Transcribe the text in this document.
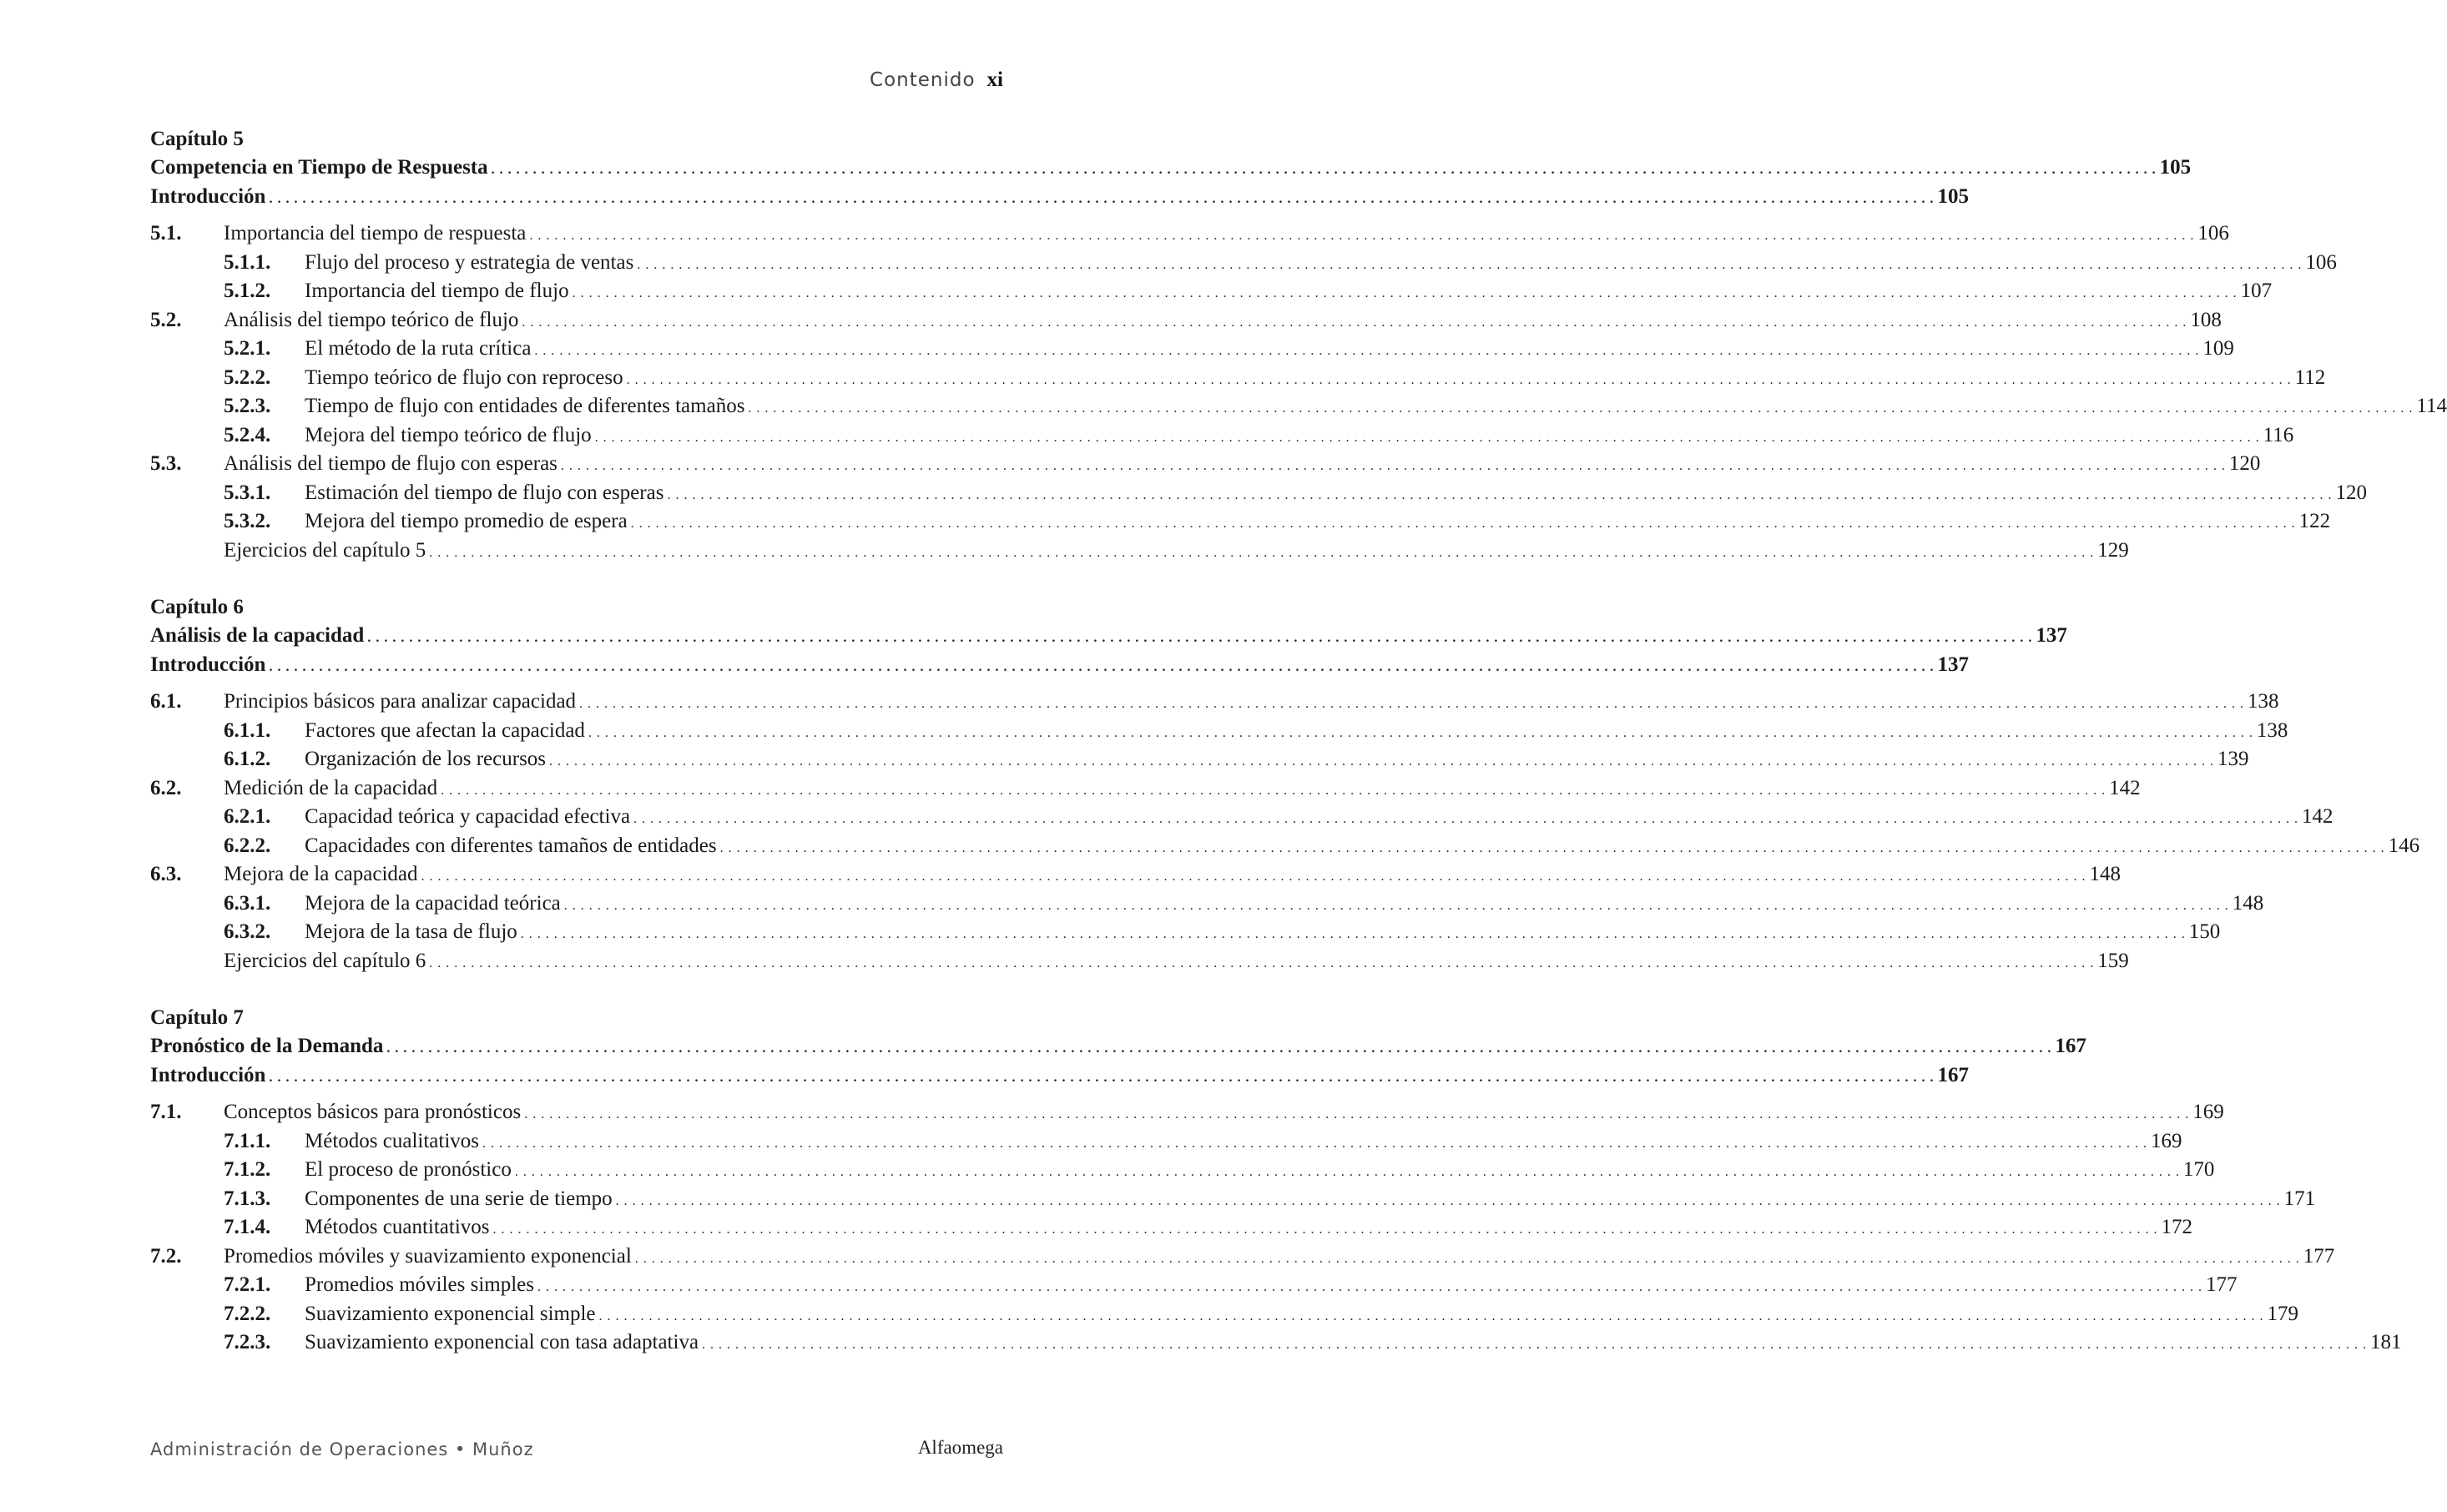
Contenido xi
Capítulo 5
Competencia en Tiempo de Respuesta . . . . . . . . . . . . . . . . . . . . . . . . . . . . . . . . . . . . . . . . . . . . . . . . . . . . . . . . . . . . . . . . . . . . . . . . . . . . . . . . . . . . . . . . . . . . . . . . . . . . . . . . . . . . . . . . . . . . . . . . . . . . . . . . . . . . . . . . . . . . . . . . . . . . . . . . . . . . . . . . . . . . . . . . . . . . . . . . . . . . . . . . . . . . . . . . . . . . . . . . 105
Introducción . . . . . . . . . . . . . . . . . . . . . . . . . . . . . . . . . . . . . . . . . . . . . . . . . . . . . . . . . . . . . . . . . . . . . . . . . . . . . . . . . . . . . . . . . . . . . . . . . . . . . . . . . . . . . . . . . . . . . . . . . . . . . . . . . . . . . . . . . . . . . . . . . . . . . . . . . . . . . . . . . . . . . . . . . . . . . . . . . . . . . . . . . . . . . . . . . . . . . . . . 105
5.1.	Importancia del tiempo de respuesta . . . . . . . . . . . . . . . . . . . . . . . . . . . . . . . . . . . . . . . . . . . . . . . . . . . . . . . . . . . . . . . . . . . . . . . . . . . . . . . . . . . . . . . . . . . . . . . . . . . . . . . . . . . . . . . . . . . . . . . . . . . . . . . . . . . . . . . . . . . . . . . . . . . . . . . . . . . . . . . . . . . . . . . . . . . . . . . . . . . . . . . . . . . . . . . . . . . . . . . . 106
5.1.1.	Flujo del proceso y estrategia de ventas . . . . . . . . . . . . . . . . . . . . . . . . . . . . . . . . . . . . . . . . . . . . . . . . . . . . . . . . . . . . . . . . . . . . . . . . . . . . . . . . . . . . . . . . . . . . . . . . . . . . . . . . . . . . . . . . . . . . . . . . . . . . . . . . . . . . . . . . . . . . . . . . . . . . . . . . . . . . . . . . . . . . . . . . . . . . . . . . . . . . . . . . . . . . . . . . . . . . . . . . 106
5.1.2.	Importancia del tiempo de flujo . . . . . . . . . . . . . . . . . . . . . . . . . . . . . . . . . . . . . . . . . . . . . . . . . . . . . . . . . . . . . . . . . . . . . . . . . . . . . . . . . . . . . . . . . . . . . . . . . . . . . . . . . . . . . . . . . . . . . . . . . . . . . . . . . . . . . . . . . . . . . . . . . . . . . . . . . . . . . . . . . . . . . . . . . . . . . . . . . . . . . . . . . . . . . . . . . . . . . . . . 107
5.2.	Análisis del tiempo teórico de flujo . . . . . . . . . . . . . . . . . . . . . . . . . . . . . . . . . . . . . . . . . . . . . . . . . . . . . . . . . . . . . . . . . . . . . . . . . . . . . . . . . . . . . . . . . . . . . . . . . . . . . . . . . . . . . . . . . . . . . . . . . . . . . . . . . . . . . . . . . . . . . . . . . . . . . . . . . . . . . . . . . . . . . . . . . . . . . . . . . . . . . . . . . . . . . . . . . . . . . . . . 108
5.2.1.	El método de la ruta crítica . . . . . . . . . . . . . . . . . . . . . . . . . . . . . . . . . . . . . . . . . . . . . . . . . . . . . . . . . . . . . . . . . . . . . . . . . . . . . . . . . . . . . . . . . . . . . . . . . . . . . . . . . . . . . . . . . . . . . . . . . . . . . . . . . . . . . . . . . . . . . . . . . . . . . . . . . . . . . . . . . . . . . . . . . . . . . . . . . . . . . . . . . . . . . . . . . . . . . . . . 109
5.2.2.	Tiempo teórico de flujo con reproceso . . . . . . . . . . . . . . . . . . . . . . . . . . . . . . . . . . . . . . . . . . . . . . . . . . . . . . . . . . . . . . . . . . . . . . . . . . . . . . . . . . . . . . . . . . . . . . . . . . . . . . . . . . . . . . . . . . . . . . . . . . . . . . . . . . . . . . . . . . . . . . . . . . . . . . . . . . . . . . . . . . . . . . . . . . . . . . . . . . . . . . . . . . . . . . . . . . . . . . . . 112
5.2.3.	Tiempo de flujo con entidades de diferentes tamaños . . . . . . . . . . . . . . . . . . . . . . . . . . . . . . . . . . . . . . . . . . . . . . . . . . . . . . . . . . . . . . . . . . . . . . . . . . . . . . . . . . . . . . . . . . . . . . . . . . . . . . . . . . . . . . . . . . . . . . . . . . . . . . . . . . . . . . . . . . . . . . . . . . . . . . . . . . . . . . . . . . . . . . . . . . . . . . . . . . . . . . . . . . . . . . . . . . . . . . . . 114
5.2.4.	Mejora del tiempo teórico de flujo . . . . . . . . . . . . . . . . . . . . . . . . . . . . . . . . . . . . . . . . . . . . . . . . . . . . . . . . . . . . . . . . . . . . . . . . . . . . . . . . . . . . . . . . . . . . . . . . . . . . . . . . . . . . . . . . . . . . . . . . . . . . . . . . . . . . . . . . . . . . . . . . . . . . . . . . . . . . . . . . . . . . . . . . . . . . . . . . . . . . . . . . . . . . . . . . . . . . . . . . 116
5.3.	Análisis del tiempo de flujo con esperas . . . . . . . . . . . . . . . . . . . . . . . . . . . . . . . . . . . . . . . . . . . . . . . . . . . . . . . . . . . . . . . . . . . . . . . . . . . . . . . . . . . . . . . . . . . . . . . . . . . . . . . . . . . . . . . . . . . . . . . . . . . . . . . . . . . . . . . . . . . . . . . . . . . . . . . . . . . . . . . . . . . . . . . . . . . . . . . . . . . . . . . . . . . . . . . . . . . . . . . . 120
5.3.1.	Estimación del tiempo de flujo con esperas . . . . . . . . . . . . . . . . . . . . . . . . . . . . . . . . . . . . . . . . . . . . . . . . . . . . . . . . . . . . . . . . . . . . . . . . . . . . . . . . . . . . . . . . . . . . . . . . . . . . . . . . . . . . . . . . . . . . . . . . . . . . . . . . . . . . . . . . . . . . . . . . . . . . . . . . . . . . . . . . . . . . . . . . . . . . . . . . . . . . . . . . . . . . . . . . . . . . . . . . 120
5.3.2.	Mejora del tiempo promedio de espera . . . . . . . . . . . . . . . . . . . . . . . . . . . . . . . . . . . . . . . . . . . . . . . . . . . . . . . . . . . . . . . . . . . . . . . . . . . . . . . . . . . . . . . . . . . . . . . . . . . . . . . . . . . . . . . . . . . . . . . . . . . . . . . . . . . . . . . . . . . . . . . . . . . . . . . . . . . . . . . . . . . . . . . . . . . . . . . . . . . . . . . . . . . . . . . . . . . . . . . . 122
Ejercicios del capítulo 5 . . . . . . . . . . . . . . . . . . . . . . . . . . . . . . . . . . . . . . . . . . . . . . . . . . . . . . . . . . . . . . . . . . . . . . . . . . . . . . . . . . . . . . . . . . . . . . . . . . . . . . . . . . . . . . . . . . . . . . . . . . . . . . . . . . . . . . . . . . . . . . . . . . . . . . . . . . . . . . . . . . . . . . . . . . . . . . . . . . . . . . . . . . . . . . . . . . . . . . . . 129
Capítulo 6
Análisis de la capacidad . . . . . . . . . . . . . . . . . . . . . . . . . . . . . . . . . . . . . . . . . . . . . . . . . . . . . . . . . . . . . . . . . . . . . . . . . . . . . . . . . . . . . . . . . . . . . . . . . . . . . . . . . . . . . . . . . . . . . . . . . . . . . . . . . . . . . . . . . . . . . . . . . . . . . . . . . . . . . . . . . . . . . . . . . . . . . . . . . . . . . . . . . . . . . . . . . . . . . . . . 137
Introducción . . . . . . . . . . . . . . . . . . . . . . . . . . . . . . . . . . . . . . . . . . . . . . . . . . . . . . . . . . . . . . . . . . . . . . . . . . . . . . . . . . . . . . . . . . . . . . . . . . . . . . . . . . . . . . . . . . . . . . . . . . . . . . . . . . . . . . . . . . . . . . . . . . . . . . . . . . . . . . . . . . . . . . . . . . . . . . . . . . . . . . . . . . . . . . . . . . . . . . . . 137
6.1.	Principios básicos para analizar capacidad . . . . . . . . . . . . . . . . . . . . . . . . . . . . . . . . . . . . . . . . . . . . . . . . . . . . . . . . . . . . . . . . . . . . . . . . . . . . . . . . . . . . . . . . . . . . . . . . . . . . . . . . . . . . . . . . . . . . . . . . . . . . . . . . . . . . . . . . . . . . . . . . . . . . . . . . . . . . . . . . . . . . . . . . . . . . . . . . . . . . . . . . . . . . . . . . . . . . . . . . 138
6.1.1.	Factores que afectan la capacidad . . . . . . . . . . . . . . . . . . . . . . . . . . . . . . . . . . . . . . . . . . . . . . . . . . . . . . . . . . . . . . . . . . . . . . . . . . . . . . . . . . . . . . . . . . . . . . . . . . . . . . . . . . . . . . . . . . . . . . . . . . . . . . . . . . . . . . . . . . . . . . . . . . . . . . . . . . . . . . . . . . . . . . . . . . . . . . . . . . . . . . . . . . . . . . . . . . . . . . . . 138
6.1.2.	Organización de los recursos . . . . . . . . . . . . . . . . . . . . . . . . . . . . . . . . . . . . . . . . . . . . . . . . . . . . . . . . . . . . . . . . . . . . . . . . . . . . . . . . . . . . . . . . . . . . . . . . . . . . . . . . . . . . . . . . . . . . . . . . . . . . . . . . . . . . . . . . . . . . . . . . . . . . . . . . . . . . . . . . . . . . . . . . . . . . . . . . . . . . . . . . . . . . . . . . . . . . . . . . 139
6.2.	Medición de la capacidad . . . . . . . . . . . . . . . . . . . . . . . . . . . . . . . . . . . . . . . . . . . . . . . . . . . . . . . . . . . . . . . . . . . . . . . . . . . . . . . . . . . . . . . . . . . . . . . . . . . . . . . . . . . . . . . . . . . . . . . . . . . . . . . . . . . . . . . . . . . . . . . . . . . . . . . . . . . . . . . . . . . . . . . . . . . . . . . . . . . . . . . . . . . . . . . . . . . . . . . . 142
6.2.1.	Capacidad teórica y capacidad efectiva . . . . . . . . . . . . . . . . . . . . . . . . . . . . . . . . . . . . . . . . . . . . . . . . . . . . . . . . . . . . . . . . . . . . . . . . . . . . . . . . . . . . . . . . . . . . . . . . . . . . . . . . . . . . . . . . . . . . . . . . . . . . . . . . . . . . . . . . . . . . . . . . . . . . . . . . . . . . . . . . . . . . . . . . . . . . . . . . . . . . . . . . . . . . . . . . . . . . . . . . 142
6.2.2.	Capacidades con diferentes tamaños de entidades . . . . . . . . . . . . . . . . . . . . . . . . . . . . . . . . . . . . . . . . . . . . . . . . . . . . . . . . . . . . . . . . . . . . . . . . . . . . . . . . . . . . . . . . . . . . . . . . . . . . . . . . . . . . . . . . . . . . . . . . . . . . . . . . . . . . . . . . . . . . . . . . . . . . . . . . . . . . . . . . . . . . . . . . . . . . . . . . . . . . . . . . . . . . . . . . . . . . . . . . 146
6.3.	Mejora de la capacidad . . . . . . . . . . . . . . . . . . . . . . . . . . . . . . . . . . . . . . . . . . . . . . . . . . . . . . . . . . . . . . . . . . . . . . . . . . . . . . . . . . . . . . . . . . . . . . . . . . . . . . . . . . . . . . . . . . . . . . . . . . . . . . . . . . . . . . . . . . . . . . . . . . . . . . . . . . . . . . . . . . . . . . . . . . . . . . . . . . . . . . . . . . . . . . . . . . . . . . . . 148
6.3.1.	Mejora de la capacidad teórica . . . . . . . . . . . . . . . . . . . . . . . . . . . . . . . . . . . . . . . . . . . . . . . . . . . . . . . . . . . . . . . . . . . . . . . . . . . . . . . . . . . . . . . . . . . . . . . . . . . . . . . . . . . . . . . . . . . . . . . . . . . . . . . . . . . . . . . . . . . . . . . . . . . . . . . . . . . . . . . . . . . . . . . . . . . . . . . . . . . . . . . . . . . . . . . . . . . . . . . . 148
6.3.2.	Mejora de la tasa de flujo . . . . . . . . . . . . . . . . . . . . . . . . . . . . . . . . . . . . . . . . . . . . . . . . . . . . . . . . . . . . . . . . . . . . . . . . . . . . . . . . . . . . . . . . . . . . . . . . . . . . . . . . . . . . . . . . . . . . . . . . . . . . . . . . . . . . . . . . . . . . . . . . . . . . . . . . . . . . . . . . . . . . . . . . . . . . . . . . . . . . . . . . . . . . . . . . . . . . . . . . 150
Ejercicios del capítulo 6 . . . . . . . . . . . . . . . . . . . . . . . . . . . . . . . . . . . . . . . . . . . . . . . . . . . . . . . . . . . . . . . . . . . . . . . . . . . . . . . . . . . . . . . . . . . . . . . . . . . . . . . . . . . . . . . . . . . . . . . . . . . . . . . . . . . . . . . . . . . . . . . . . . . . . . . . . . . . . . . . . . . . . . . . . . . . . . . . . . . . . . . . . . . . . . . . . . . . . . . . 159
Capítulo 7
Pronóstico de la Demanda . . . . . . . . . . . . . . . . . . . . . . . . . . . . . . . . . . . . . . . . . . . . . . . . . . . . . . . . . . . . . . . . . . . . . . . . . . . . . . . . . . . . . . . . . . . . . . . . . . . . . . . . . . . . . . . . . . . . . . . . . . . . . . . . . . . . . . . . . . . . . . . . . . . . . . . . . . . . . . . . . . . . . . . . . . . . . . . . . . . . . . . . . . . . . . . . . . . . . . . . 167
Introducción . . . . . . . . . . . . . . . . . . . . . . . . . . . . . . . . . . . . . . . . . . . . . . . . . . . . . . . . . . . . . . . . . . . . . . . . . . . . . . . . . . . . . . . . . . . . . . . . . . . . . . . . . . . . . . . . . . . . . . . . . . . . . . . . . . . . . . . . . . . . . . . . . . . . . . . . . . . . . . . . . . . . . . . . . . . . . . . . . . . . . . . . . . . . . . . . . . . . . . . . 167
7.1.	Conceptos básicos para pronósticos . . . . . . . . . . . . . . . . . . . . . . . . . . . . . . . . . . . . . . . . . . . . . . . . . . . . . . . . . . . . . . . . . . . . . . . . . . . . . . . . . . . . . . . . . . . . . . . . . . . . . . . . . . . . . . . . . . . . . . . . . . . . . . . . . . . . . . . . . . . . . . . . . . . . . . . . . . . . . . . . . . . . . . . . . . . . . . . . . . . . . . . . . . . . . . . . . . . . . . . . 169
7.1.1.	Métodos cualitativos . . . . . . . . . . . . . . . . . . . . . . . . . . . . . . . . . . . . . . . . . . . . . . . . . . . . . . . . . . . . . . . . . . . . . . . . . . . . . . . . . . . . . . . . . . . . . . . . . . . . . . . . . . . . . . . . . . . . . . . . . . . . . . . . . . . . . . . . . . . . . . . . . . . . . . . . . . . . . . . . . . . . . . . . . . . . . . . . . . . . . . . . . . . . . . . . . . . . . . . . 169
7.1.2.	El proceso de pronóstico . . . . . . . . . . . . . . . . . . . . . . . . . . . . . . . . . . . . . . . . . . . . . . . . . . . . . . . . . . . . . . . . . . . . . . . . . . . . . . . . . . . . . . . . . . . . . . . . . . . . . . . . . . . . . . . . . . . . . . . . . . . . . . . . . . . . . . . . . . . . . . . . . . . . . . . . . . . . . . . . . . . . . . . . . . . . . . . . . . . . . . . . . . . . . . . . . . . . . . . . 170
7.1.3.	Componentes de una serie de tiempo . . . . . . . . . . . . . . . . . . . . . . . . . . . . . . . . . . . . . . . . . . . . . . . . . . . . . . . . . . . . . . . . . . . . . . . . . . . . . . . . . . . . . . . . . . . . . . . . . . . . . . . . . . . . . . . . . . . . . . . . . . . . . . . . . . . . . . . . . . . . . . . . . . . . . . . . . . . . . . . . . . . . . . . . . . . . . . . . . . . . . . . . . . . . . . . . . . . . . . . . 171
7.1.4.	Métodos cuantitativos . . . . . . . . . . . . . . . . . . . . . . . . . . . . . . . . . . . . . . . . . . . . . . . . . . . . . . . . . . . . . . . . . . . . . . . . . . . . . . . . . . . . . . . . . . . . . . . . . . . . . . . . . . . . . . . . . . . . . . . . . . . . . . . . . . . . . . . . . . . . . . . . . . . . . . . . . . . . . . . . . . . . . . . . . . . . . . . . . . . . . . . . . . . . . . . . . . . . . . . . 172
7.2.	Promedios móviles y suavizamiento exponencial . . . . . . . . . . . . . . . . . . . . . . . . . . . . . . . . . . . . . . . . . . . . . . . . . . . . . . . . . . . . . . . . . . . . . . . . . . . . . . . . . . . . . . . . . . . . . . . . . . . . . . . . . . . . . . . . . . . . . . . . . . . . . . . . . . . . . . . . . . . . . . . . . . . . . . . . . . . . . . . . . . . . . . . . . . . . . . . . . . . . . . . . . . . . . . . . . . . . . . . . 177
7.2.1.	Promedios móviles simples . . . . . . . . . . . . . . . . . . . . . . . . . . . . . . . . . . . . . . . . . . . . . . . . . . . . . . . . . . . . . . . . . . . . . . . . . . . . . . . . . . . . . . . . . . . . . . . . . . . . . . . . . . . . . . . . . . . . . . . . . . . . . . . . . . . . . . . . . . . . . . . . . . . . . . . . . . . . . . . . . . . . . . . . . . . . . . . . . . . . . . . . . . . . . . . . . . . . . . . . 177
7.2.2.	Suavizamiento exponencial simple . . . . . . . . . . . . . . . . . . . . . . . . . . . . . . . . . . . . . . . . . . . . . . . . . . . . . . . . . . . . . . . . . . . . . . . . . . . . . . . . . . . . . . . . . . . . . . . . . . . . . . . . . . . . . . . . . . . . . . . . . . . . . . . . . . . . . . . . . . . . . . . . . . . . . . . . . . . . . . . . . . . . . . . . . . . . . . . . . . . . . . . . . . . . . . . . . . . . . . . . 179
7.2.3.	Suavizamiento exponencial con tasa adaptativa . . . . . . . . . . . . . . . . . . . . . . . . . . . . . . . . . . . . . . . . . . . . . . . . . . . . . . . . . . . . . . . . . . . . . . . . . . . . . . . . . . . . . . . . . . . . . . . . . . . . . . . . . . . . . . . . . . . . . . . . . . . . . . . . . . . . . . . . . . . . . . . . . . . . . . . . . . . . . . . . . . . . . . . . . . . . . . . . . . . . . . . . . . . . . . . . . . . . . . . . 181
Administración de Operaciones • Muñoz	Alfaomega
